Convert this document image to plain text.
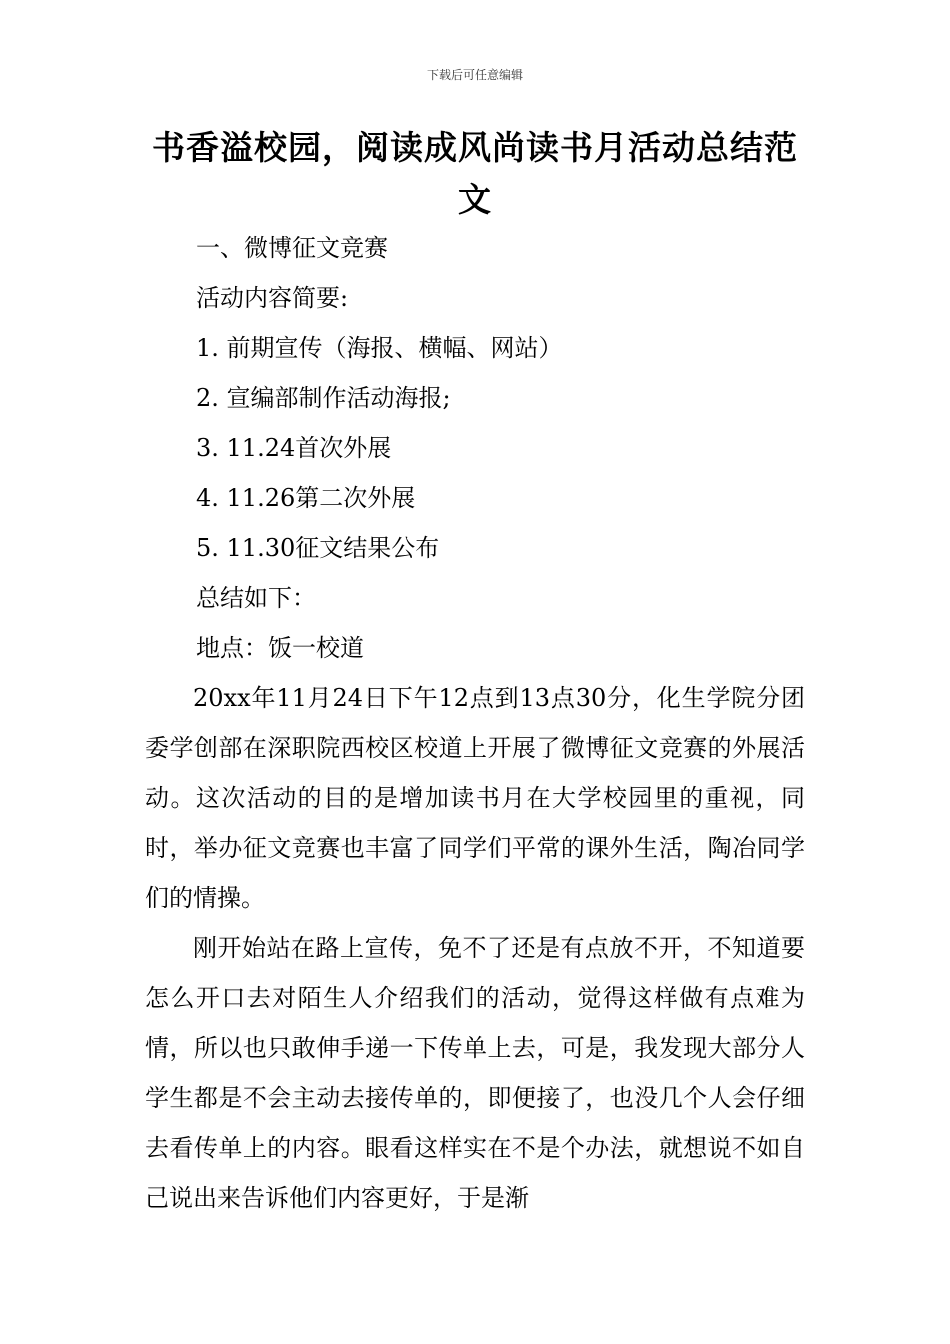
下载后可任意编辑
书香溢校园，阅读成风尚读书月活动总结范文
一、微博征文竞赛
活动内容简要:
1. 前期宣传（海报、横幅、网站）
2. 宣编部制作活动海报;
3. 11.24首次外展
4. 11.26第二次外展
5. 11.30征文结果公布
总结如下：
地点：饭一校道

20xx年11月24日下午12点到13点30分，化生学院分团委学创部在深职院西校区校道上开展了微博征文竞赛的外展活动。这次活动的目的是增加读书月在大学校园里的重视，同时，举办征文竞赛也丰富了同学们平常的课外生活，陶冶同学们的情操。

刚开始站在路上宣传，免不了还是有点放不开，不知道要怎么开口去对陌生人介绍我们的活动，觉得这样做有点难为情，所以也只敢伸手递一下传单上去，可是，我发现大部分人学生都是不会主动去接传单的，即便接了，也没几个人会仔细去看传单上的内容。眼看这样实在不是个办法，就想说不如自己说出来告诉他们内容更好，于是渐
